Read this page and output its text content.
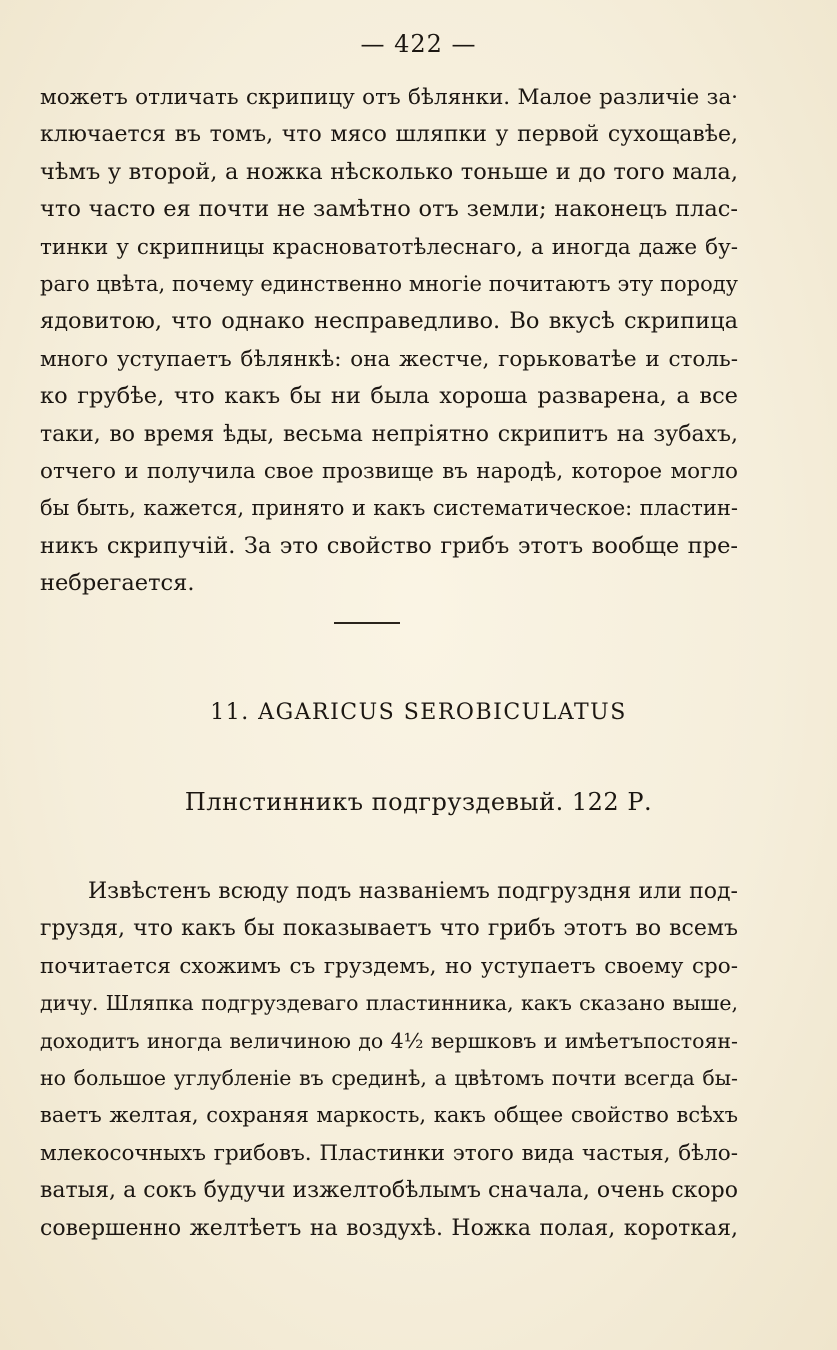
— 422 —
можетъ отличать скрипицу отъ бѣлянки. Малое различіе за·
ключается въ томъ, что мясо шляпки у первой сухощавѣе,
чѣмъ у второй, а ножка нѣсколько тоньше и до того мала,
что часто ея почти не замѣтно отъ земли; наконецъ плас-
тинки у скрипницы красноватотѣлеснаго, а иногда даже бу-
раго цвѣта, почему единственно многіе почитаютъ эту породу
ядовитою, что однако несправедливо. Во вкусѣ скрипица
много уступаетъ бѣлянкѣ: она жестче, горьковатѣе и столь-
ко грубѣе, что какъ бы ни была хороша разварена, а все
таки, во время ѣды, весьма непріятно скрипитъ на зубахъ,
отчего и получила свое прозвище въ народѣ, которое могло
бы быть, кажется, принято и какъ систематическое: пластин-
никъ скрипучій. За это свойство грибъ этотъ вообще пре-
небрегается.
11. AGARICUS SEROBICULATUS
Плнстинникъ подгруздевый. 122 Р.
Извѣстенъ всюду подъ названіемъ подгруздня или под-
груздя, что какъ бы показываетъ что грибъ этотъ во всемъ
почитается схожимъ съ груздемъ, но уступаетъ своему сро-
дичу. Шляпка подгруздеваго пластинника, какъ сказано выше,
доходитъ иногда величиною до 4½ вершковъ и имѣетъпостоян-
но большое углубленіе въ срединѣ, а цвѣтомъ почти всегда бы-
ваетъ желтая, сохраняя маркость, какъ общее свойство всѣхъ
млекосочныхъ грибовъ. Пластинки этого вида частыя, бѣло-
ватыя, а сокъ будучи изжелтобѣлымъ сначала, очень скоро
совершенно желтѣетъ на воздухѣ. Ножка полая, короткая,
